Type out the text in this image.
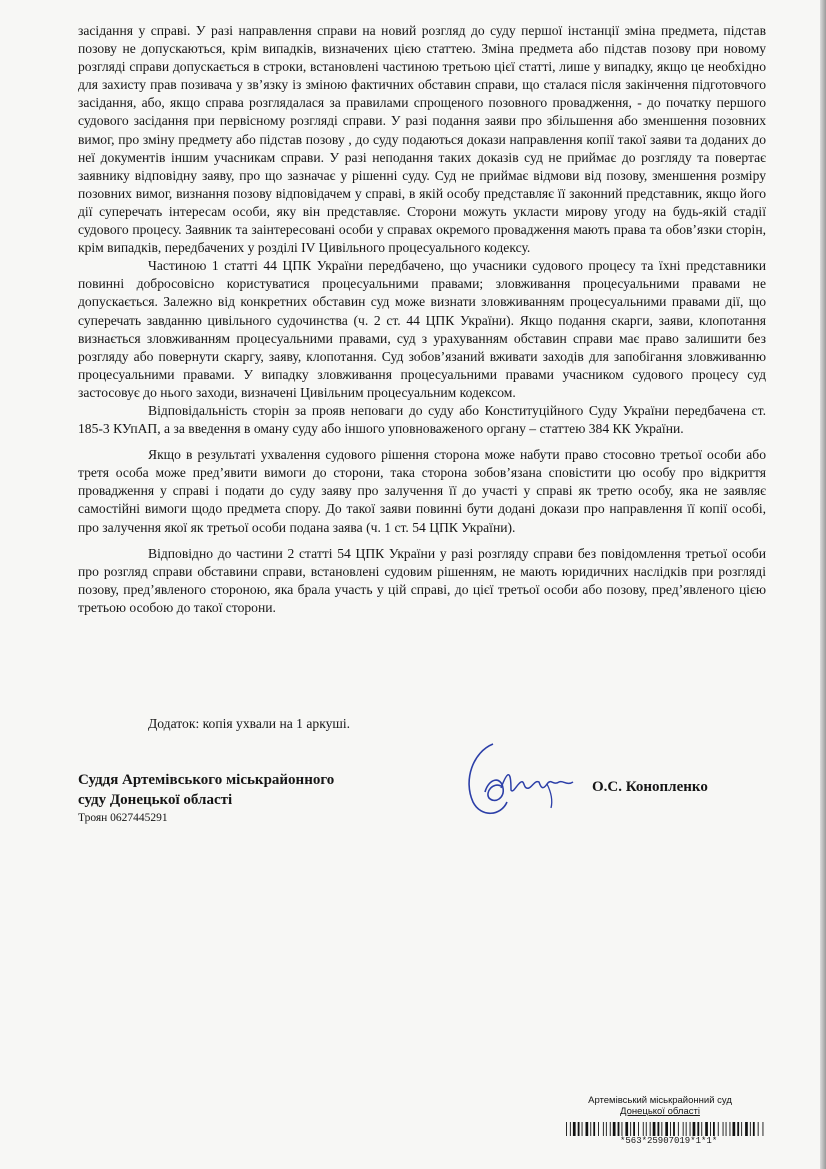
засідання у справі. У разі направлення справи на новий розгляд до суду першої інстанції зміна предмета, підстав позову не допускаються, крім випадків, визначених цією статтею. Зміна предмета або підстав позову при новому розгляді справи допускається в строки, встановлені частиною третьою цієї статті, лише у випадку, якщо це необхідно для захисту прав позивача у зв’язку із зміною фактичних обставин справи, що сталася після закінчення підготовчого засідання, або, якщо справа розглядалася за правилами спрощеного позовного провадження, - до початку першого судового засідання при первісному розгляді справи. У разі подання заяви про збільшення або зменшення позовних вимог, про зміну предмету або підстав позову , до суду подаються докази направлення копії такої заяви та доданих до неї документів іншим учасникам справи. У разі неподання таких доказів суд не приймає до розгляду та повертає заявнику відповідну заяву, про що зазначає у рішенні суду. Суд не приймає відмови від позову, зменшення розміру позовних вимог, визнання позову відповідачем у справі, в якій особу представляє її законний представник, якщо його дії суперечать інтересам особи, яку він представляє. Сторони можуть укласти мирову угоду на будь-якій стадії судового процесу. Заявник та заінтересовані особи у справах окремого провадження мають права та обов’язки сторін, крім випадків, передбачених у розділі IV Цивільного процесуального кодексу.

Частиною 1 статті 44 ЦПК України передбачено, що учасники судового процесу та їхні представники повинні добросовісно користуватися процесуальними правами; зловживання процесуальними правами не допускається. Залежно від конкретних обставин суд може визнати зловживанням процесуальними правами дії, що суперечать завданню цивільного судочинства (ч. 2 ст. 44 ЦПК України). Якщо подання скарги, заяви, клопотання визнається зловживанням процесуальними правами, суд з урахуванням обставин справи має право залишити без розгляду або повернути скаргу, заяву, клопотання. Суд зобов’язаний вживати заходів для запобігання зловживанню процесуальними правами. У випадку зловживання процесуальними правами учасником судового процесу суд застосовує до нього заходи, визначені Цивільним процесуальним кодексом.

Відповідальність сторін за прояв неповаги до суду або Конституційного Суду України передбачена ст. 185-3 КУпАП, а за введення в оману суду або іншого уповноваженого органу – статтею 384 КК України.

Якщо в результаті ухвалення судового рішення сторона може набути право стосовно третьої особи або третя особа може пред’явити вимоги до сторони, така сторона зобов’язана сповістити цю особу про відкриття провадження у справі і подати до суду заяву про залучення її до участі у справі як третю особу, яка не заявляє самостійні вимоги щодо предмета спору. До такої заяви повинні бути додані докази про направлення її копії особі, про залучення якої як третьої особи подана заява (ч. 1 ст. 54 ЦПК України).

Відповідно до частини 2 статті 54 ЦПК України у разі розгляду справи без повідомлення третьої особи про розгляд справи обставини справи, встановлені судовим рішенням, не мають юридичних наслідків при розгляді позову, пред’явленого стороною, яка брала участь у цій справі, до цієї третьої особи або позову, пред’явленого цією третьою особою до такої сторони.

Додаток: копія ухвали на 1 аркуші.

Суддя Артемівського міськрайонного

суду Донецької області

Троян 0627445291
О.С. Конопленко
Артемівський міськрайонний суд
Донецької області
*563*25907019*1*1*
